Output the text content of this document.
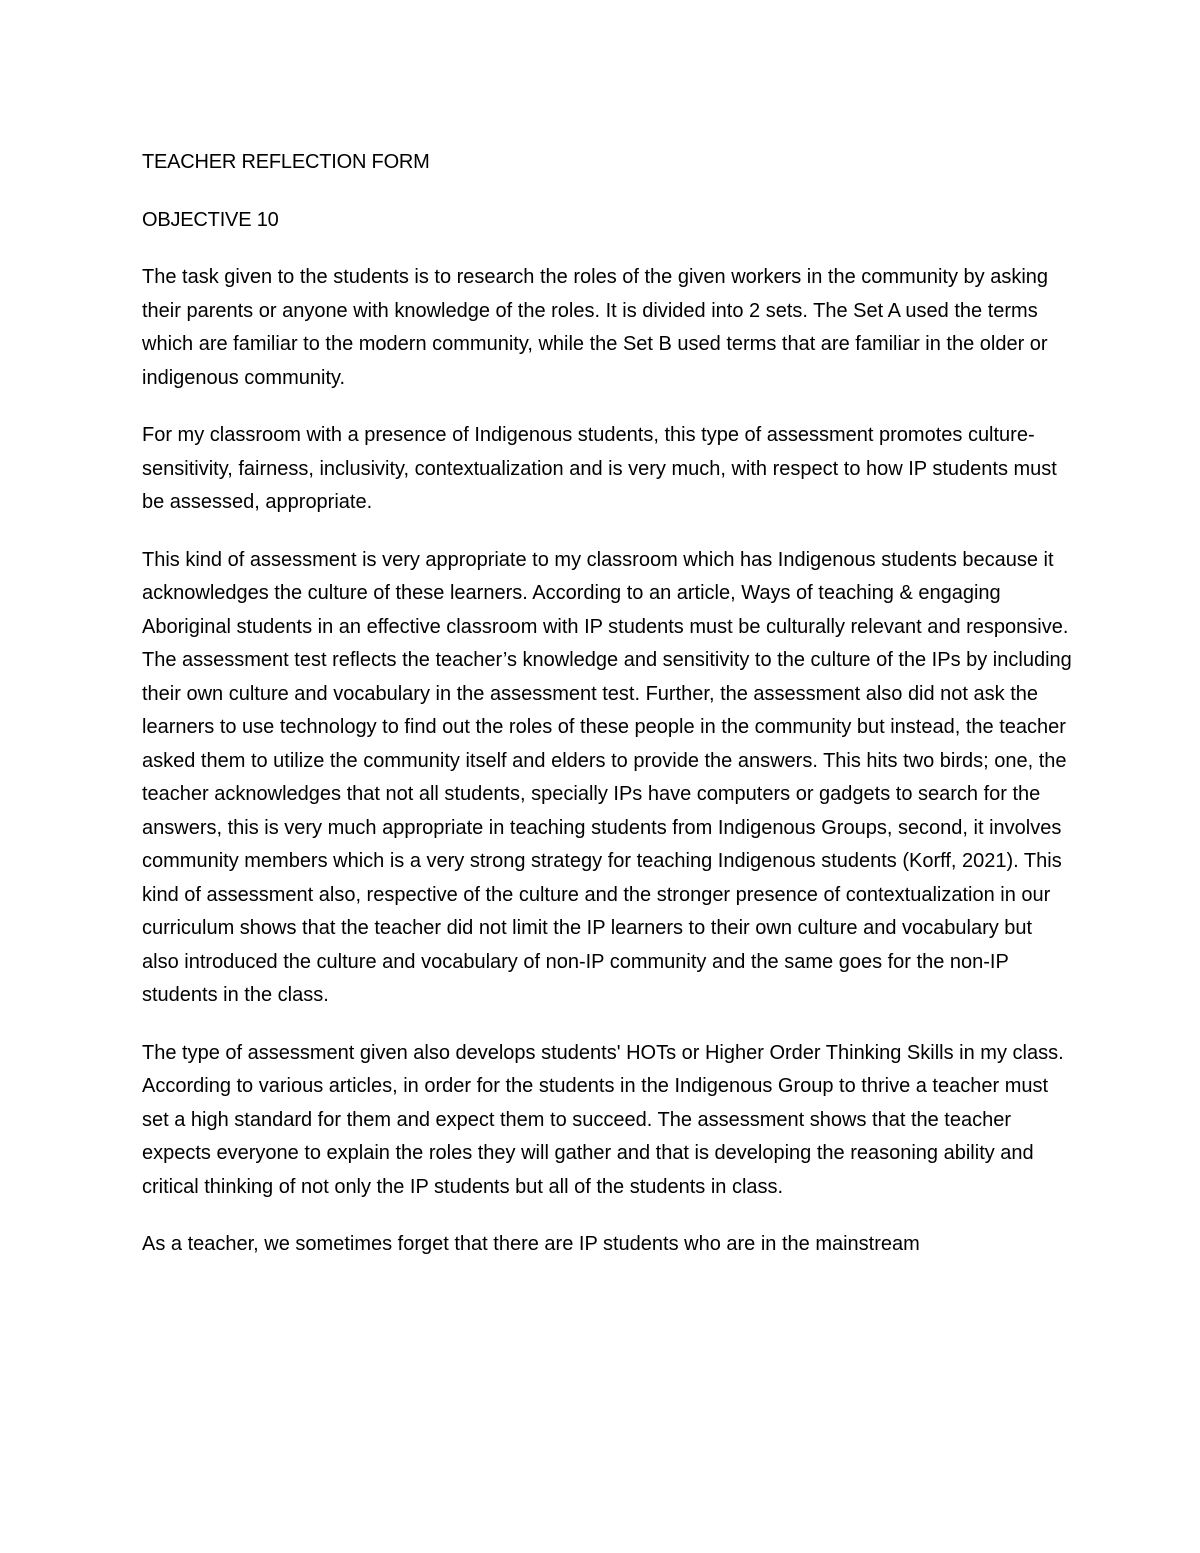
TEACHER REFLECTION FORM

OBJECTIVE 10

The task given to the students is to research the roles of the given workers in the community by asking their parents or anyone with knowledge of the roles. It is divided into 2 sets. The Set A used the terms which are familiar to the modern community, while the Set B used terms that are familiar in the older or indigenous community.

For my classroom with a presence of Indigenous students, this type of assessment promotes culture- sensitivity, fairness, inclusivity, contextualization and is very much, with respect to how IP students must be assessed, appropriate.

This kind of assessment is very appropriate to my classroom which has Indigenous students because it acknowledges the culture of these learners. According to an article, Ways of teaching & engaging Aboriginal students in an effective classroom with IP students must be culturally relevant and responsive. The assessment test reflects the teacher’s knowledge and sensitivity to the culture of the IPs by including their own culture and vocabulary in the assessment test. Further, the assessment also did not ask the learners to use technology to find out the roles of these people in the community but instead, the teacher asked them to utilize the community itself and elders to provide the answers. This hits two birds; one, the teacher acknowledges that not all students, specially IPs have computers or gadgets to search for the answers, this is very much appropriate in teaching students from Indigenous Groups, second, it involves community members which is a very strong strategy for teaching Indigenous students (Korff, 2021). This kind of assessment also, respective of the culture and the stronger presence of contextualization in our curriculum shows that the teacher did not limit the IP learners to their own culture and vocabulary but also introduced the culture and vocabulary of non-IP community and the same goes for the non-IP students in the class.

The type of assessment given also develops students' HOTs or Higher Order Thinking Skills in my class. According to various articles, in order for the students in the Indigenous Group to thrive a teacher must set a high standard for them and expect them to succeed. The assessment shows that the teacher expects everyone to explain the roles they will gather and that is developing the reasoning ability and critical thinking of not only the IP students but all of the students in class.

As a teacher, we sometimes forget that there are IP students who are in the mainstream
